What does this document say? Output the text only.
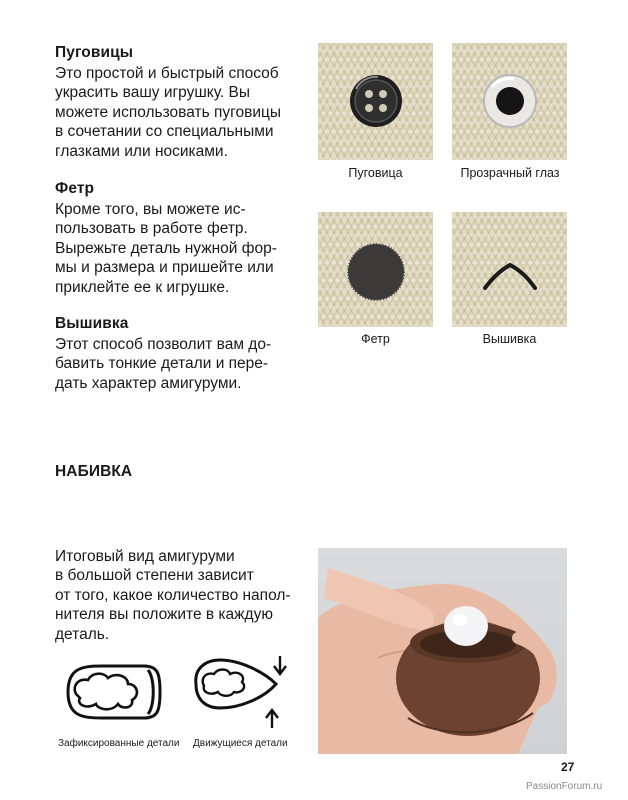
Пуговицы
Это простой и быстрый способ
украсить вашу игрушку. Вы
можете использовать пуговицы
в сочетании со специальными
глазками или носиками.
Фетр
Кроме того, вы можете ис-
пользовать в работе фетр.
Вырежьте деталь нужной фор-
мы и размера и пришейте или
приклейте ее к игрушке.
Вышивка
Этот способ позволит вам до-
бавить тонкие детали и пере-
дать характер амигуруми.
Пуговица	Прозрачный глаз
Фетр	Вышивка
НАБИВКА
Итоговый вид амигуруми
в большой степени зависит
от того, какое количество напол-
нителя вы положите в каждую
деталь.
Зафиксированные детали Движущиеся детали
27
PassionForum.ru
